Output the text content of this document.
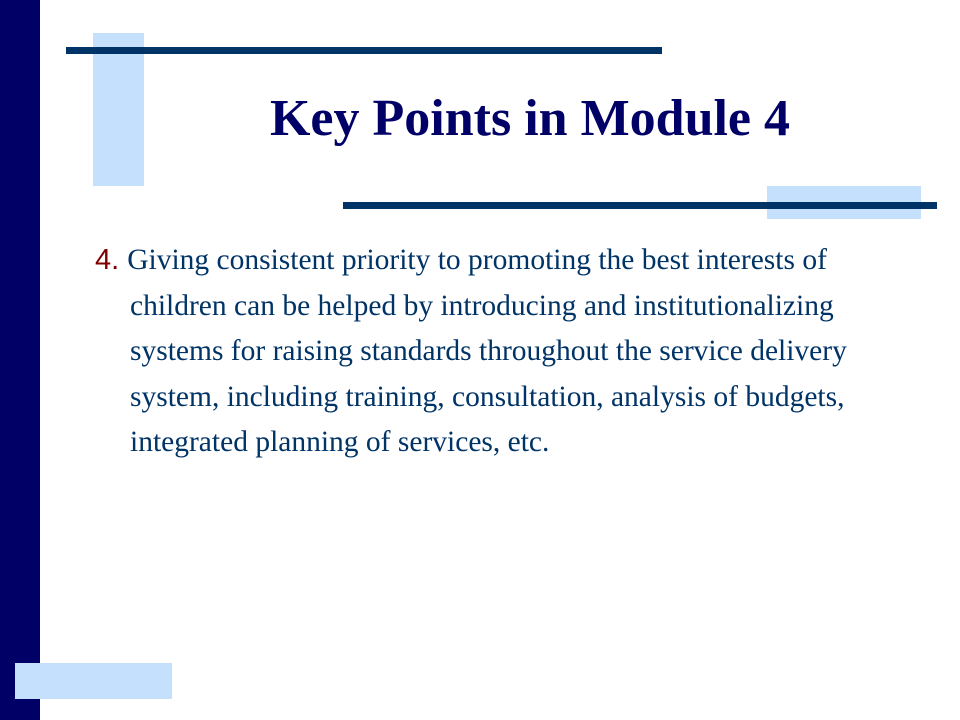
Key Points in Module 4

4. Giving consistent priority to promoting the best interests of children can be helped by introducing and institutionalizing systems for raising standards throughout the service delivery system, including training, consultation, analysis of budgets, integrated planning of services, etc.
